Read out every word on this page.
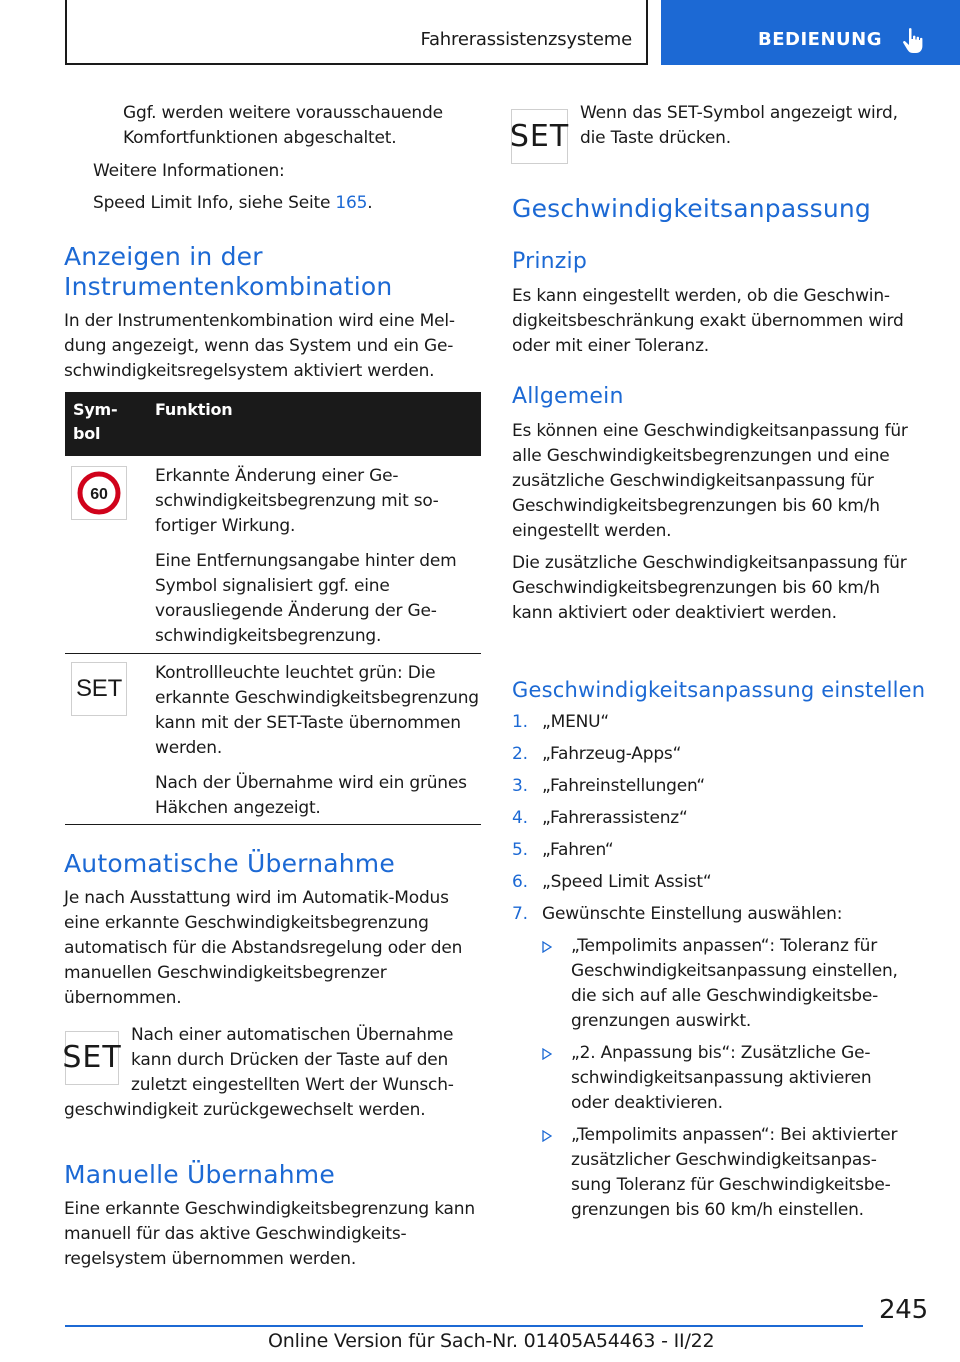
Fahrerassistenzsysteme	BEDIENUNG

Ggf. werden weitere vorausschauende

Komfortfunktionen abgeschaltet.

Weitere Informationen:

Speed Limit Info, siehe Seite 165.

Anzeigen in der
Instrumentenkombination

In der Instrumentenkombination wird eine Meldung angezeigt, wenn das System und ein Geschwindigkeitsregelsystem aktiviert werden.

Symbol
Funktion
60

Erkannte Änderung einer Geschwindigkeitsbegrenzung mit sofortiger Wirkung.

Eine Entfernungsangabe hinter dem Symbol signalisiert ggf. eine vorausliegende Änderung der Geschwindigkeitsbegrenzung.

SET

Kontrollleuchte leuchtet grün: Die erkannte Geschwindigkeitsbegrenzung kann mit der SET-Taste übernommen werden.

Nach der Übernahme wird ein grünes Häkchen angezeigt.

Automatische Übernahme

Je nach Ausstattung wird im Automatik-Modus eine erkannte Geschwindigkeitsbegrenzung automatisch für die Abstandsregelung oder den manuellen Geschwindigkeitsbegrenzer übernommen.

SET

Nach einer automatischen Übernahme

kann durch Drücken der Taste auf den

zuletzt eingestellten Wert der Wunsch-

geschwindigkeit zurückgewechselt werden.

Manuelle Übernahme

Eine erkannte Geschwindigkeitsbegrenzung kann manuell für das aktive Geschwindigkeitsregelsystem übernommen werden.

SET

Wenn das SET-Symbol angezeigt wird,

die Taste drücken.

Geschwindigkeitsanpassung
Prinzip

Es kann eingestellt werden, ob die Geschwindigkeitsbeschränkung exakt übernommen wird oder mit einer Toleranz.

Allgemein

Es können eine Geschwindigkeitsanpassung für alle Geschwindigkeitsbegrenzungen und eine zusätzliche Geschwindigkeitsanpassung für Geschwindigkeitsbegrenzungen bis 60 km/h eingestellt werden.

Die zusätzliche Geschwindigkeitsanpassung für Geschwindigkeitsbegrenzungen bis 60 km/h kann aktiviert oder deaktiviert werden.

Geschwindigkeitsanpassung einstellen
1. „MENU“
2. „Fahrzeug-Apps“
3. „Fahreinstellungen“
4. „Fahrerassistenz“
5. „Fahren“
6. „Speed Limit Assist“
7. Gewünschte Einstellung auswählen:
„Tempolimits anpassen“: Toleranz für Geschwindigkeitsanpassung einstellen, die sich auf alle Geschwindigkeitsbegrenzungen auswirkt.
„2. Anpassung bis“: Zusätzliche Geschwindigkeitsanpassung aktivieren oder deaktivieren.
„Tempolimits anpassen“: Bei aktivierter zusätzlicher Geschwindigkeitsanpassung Toleranz für Geschwindigkeitsbegrenzungen bis 60 km/h einstellen.
245
Online Version für Sach-Nr. 01405A54463 - II/22
